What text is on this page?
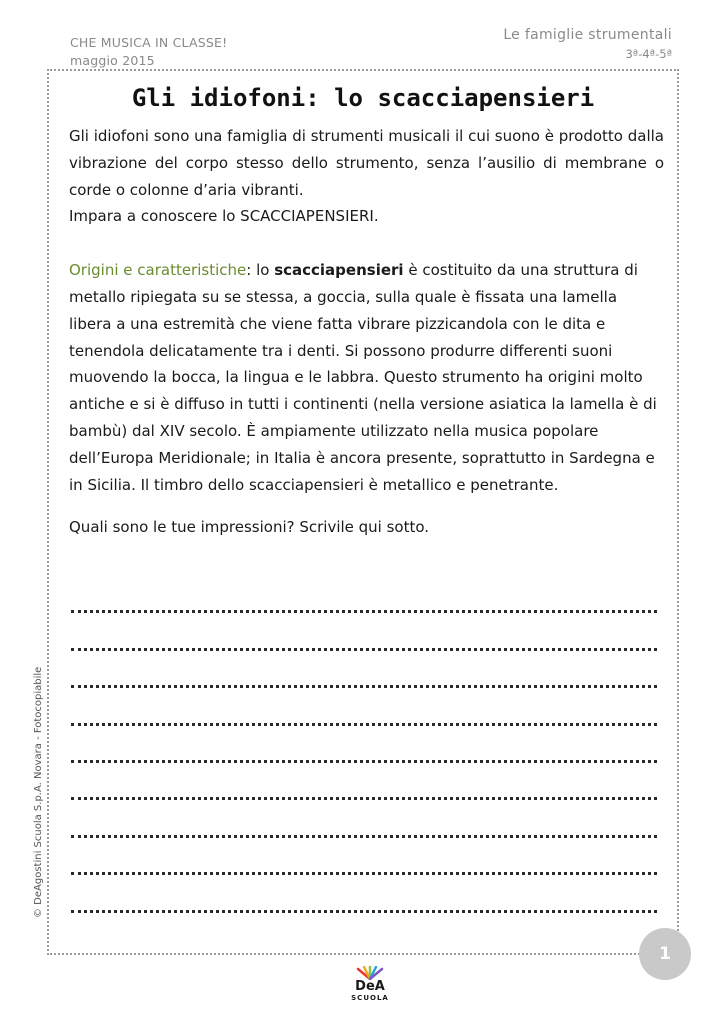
CHE MUSICA IN CLASSE!
maggio 2015
Le famiglie strumentali
3ª-4ª-5ª
Gli idiofoni: lo scacciapensieri

Gli idiofoni sono una famiglia di strumenti musicali il cui suono è prodotto dalla vibrazione del corpo stesso dello strumento, senza l’ausilio di membrane o corde o colonne d’aria vibranti.

Impara a conoscere lo SCACCIAPENSIERI.

Origini e caratteristiche: lo scacciapensieri è costituito da una struttura di metallo ripiegata su se stessa, a goccia, sulla quale è fissata una lamella libera a una estremità che viene fatta vibrare pizzicandola con le dita e tenendola delicatamente tra i denti. Si possono produrre differenti suoni muovendo la bocca, la lingua e le labbra. Questo strumento ha origini molto antiche e si è diffuso in tutti i continenti (nella versione asiatica la lamella è di bambù) dal XIV secolo. È ampiamente utilizzato nella musica popolare dell’Europa Meridionale; in Italia è ancora presente, soprattutto in Sardegna e in Sicilia. Il timbro dello scacciapensieri è metallico e penetrante.

Quali sono le tue impressioni? Scrivile qui sotto.

© DeAgostini Scuola S.p.A. Novara - Fotocopiabile
1
DeA
SCUOLA
